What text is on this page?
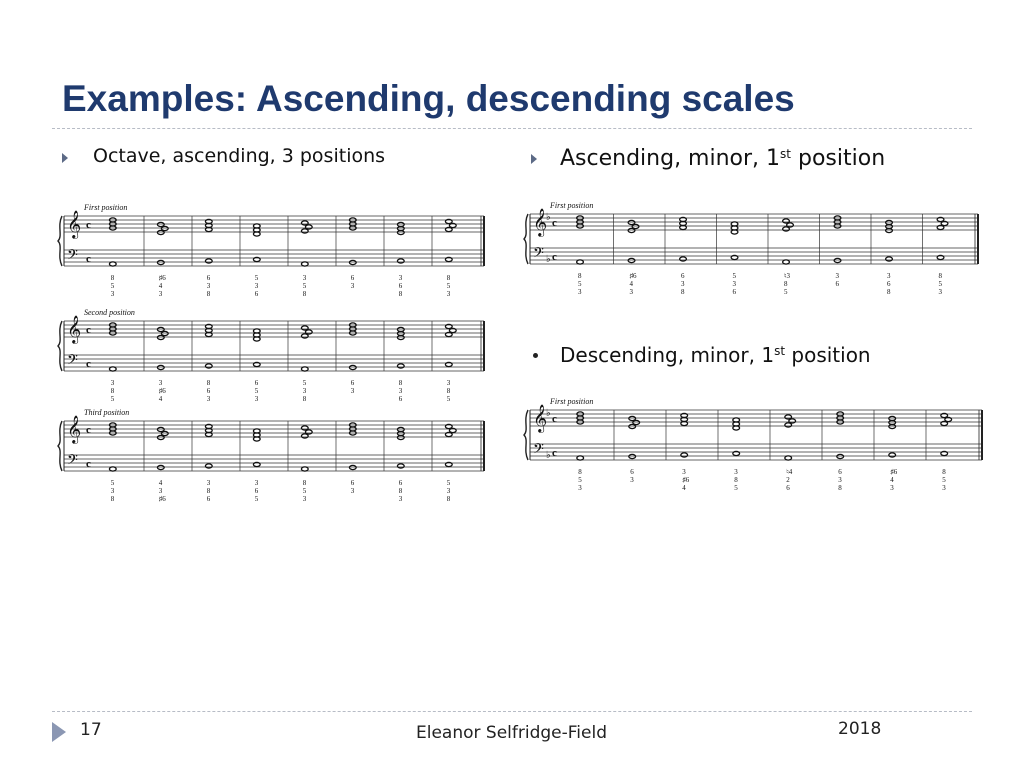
Examples: Ascending, descending scales
Octave, ascending, 3 positions	Ascending, minor, 1st position
Descending, minor, 1st position
First position
𝄞
𝄢
c
c
8
5
3
♯6
4
3
6
3
8
5
3
6
3
5
8
6
3
3
6
8
8
5
3
Second position
𝄞
𝄢
c
c
3
8
5
3
♯6
4
8
6
3
6
5
3
5
3
8
6
3
8
3
6
3
8
5
Third position
𝄞
𝄢
c
c
5
3
8
4
3
♯6
3
8
6
3
6
5
8
5
3
6
3
6
8
3
5
3
8
First position
𝄞
𝄢
♭
♭
c
c
8
5
3
♯6
4
3
6
3
8
5
3
6
♮3
8
5
3
6
3
6
8
8
5
3
First position
𝄞
𝄢
♭
♭
c
c
8
5
3
6
3
3
♯6
4
3
8
5
♮4
2
6
6
3
8
♯6
4
3
8
5
3
17	Eleanor Selfridge-Field	2018
